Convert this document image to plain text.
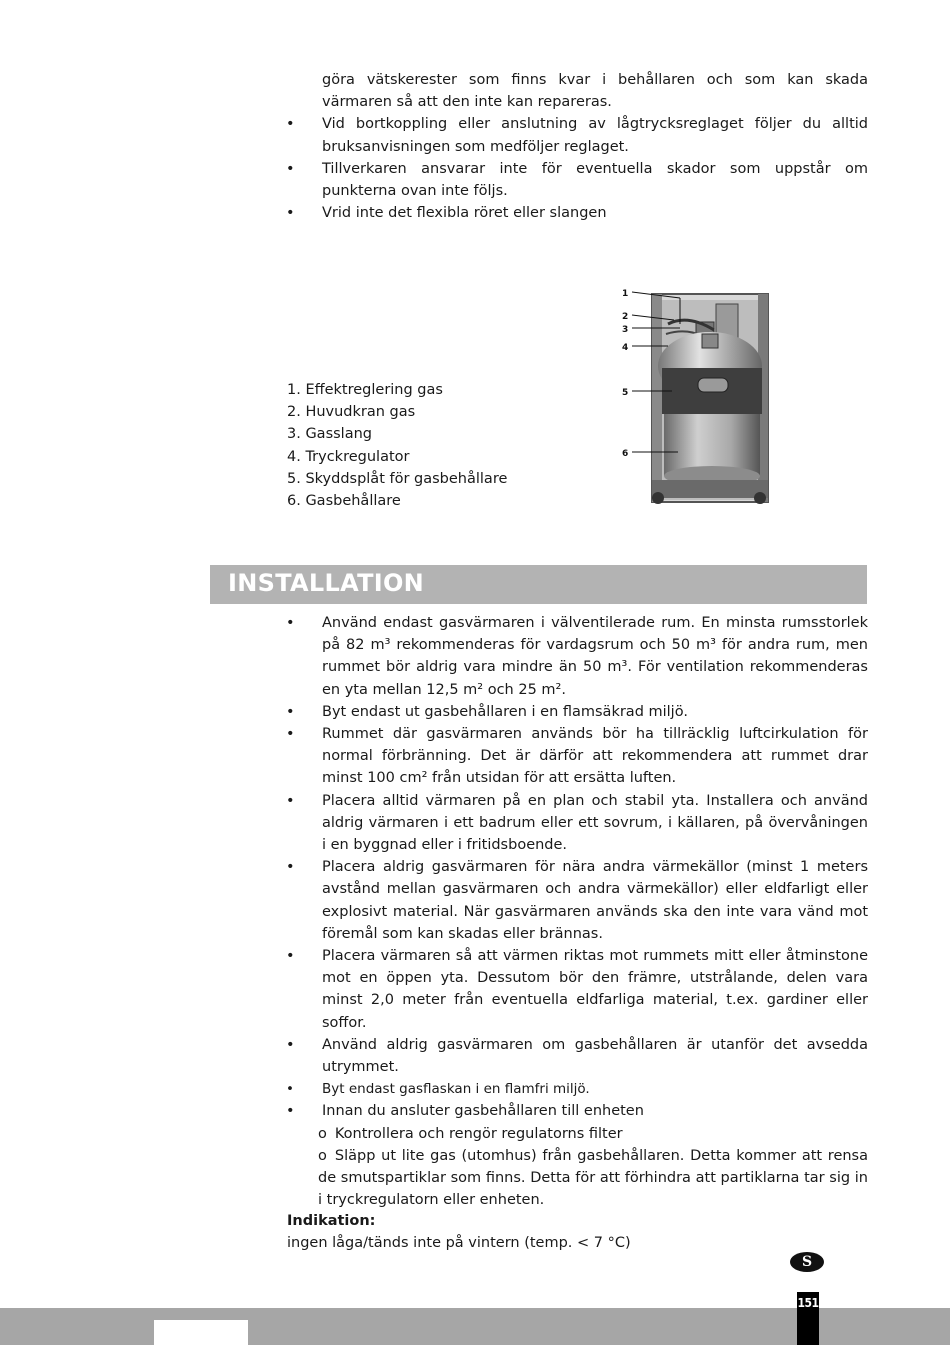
göra vätskerester som finns kvar i behållaren och som kan skada värmaren så att den inte kan repareras.
• Vid bortkoppling eller anslutning av lågtrycksreglaget följer du alltid bruksanvisningen som medföljer reglaget.
• Tillverkaren ansvarar inte för eventuella skador som uppstår om punkterna ovan inte följs.
• Vrid inte det flexibla röret eller slangen
1. Effektreglering gas
2. Huvudkran gas
3. Gasslang
4. Tryckregulator
5. Skyddsplåt för gasbehållare
6. Gasbehållare
1
2
3
4
5
6
INSTALLATION
• Använd endast gasvärmaren i välventilerade rum. En minsta rumsstorlek på 82 m³ rekommenderas för vardagsrum och 50 m³ för andra rum, men rummet bör aldrig vara mindre än 50 m³. För ventilation rekommenderas en yta mellan 12,5 m² och 25 m².
• Byt endast ut gasbehållaren i en flamsäkrad miljö.
• Rummet där gasvärmaren används bör ha tillräcklig luftcirkulation för normal förbränning. Det är därför att rekommendera att rummet drar minst 100 cm² från utsidan för att ersätta luften.
• Placera alltid värmaren på en plan och stabil yta. Installera och använd aldrig värmaren i ett badrum eller ett sovrum, i källaren, på övervåningen i en byggnad eller i fritidsboende.
• Placera aldrig gasvärmaren för nära andra värmekällor (minst 1 meters avstånd mellan gasvärmaren och andra värmekällor) eller eldfarligt eller explosivt material. När gasvärmaren används ska den inte vara vänd mot föremål som kan skadas eller brännas.
• Placera värmaren så att värmen riktas mot rummets mitt eller åtminstone mot en öppen yta. Dessutom bör den främre, utstrålande, delen vara minst 2,0 meter från eventuella eldfarliga material, t.ex. gardiner eller soffor.
• Använd aldrig gasvärmaren om gasbehållaren är utanför det avsedda utrymmet.
• Byt endast gasflaskan i en flamfri miljö.
• Innan du ansluter gasbehållaren till enheten
o Kontrollera och rengör regulatorns filter
o Släpp ut lite gas (utomhus) från gasbehållaren. Detta kommer att rensa de smutspartiklar som finns. Detta för att förhindra att partiklarna tar sig in i tryckregulatorn eller enheten.
Indikation:
ingen låga/tänds inte på vintern (temp. < 7 °C)
S
151
